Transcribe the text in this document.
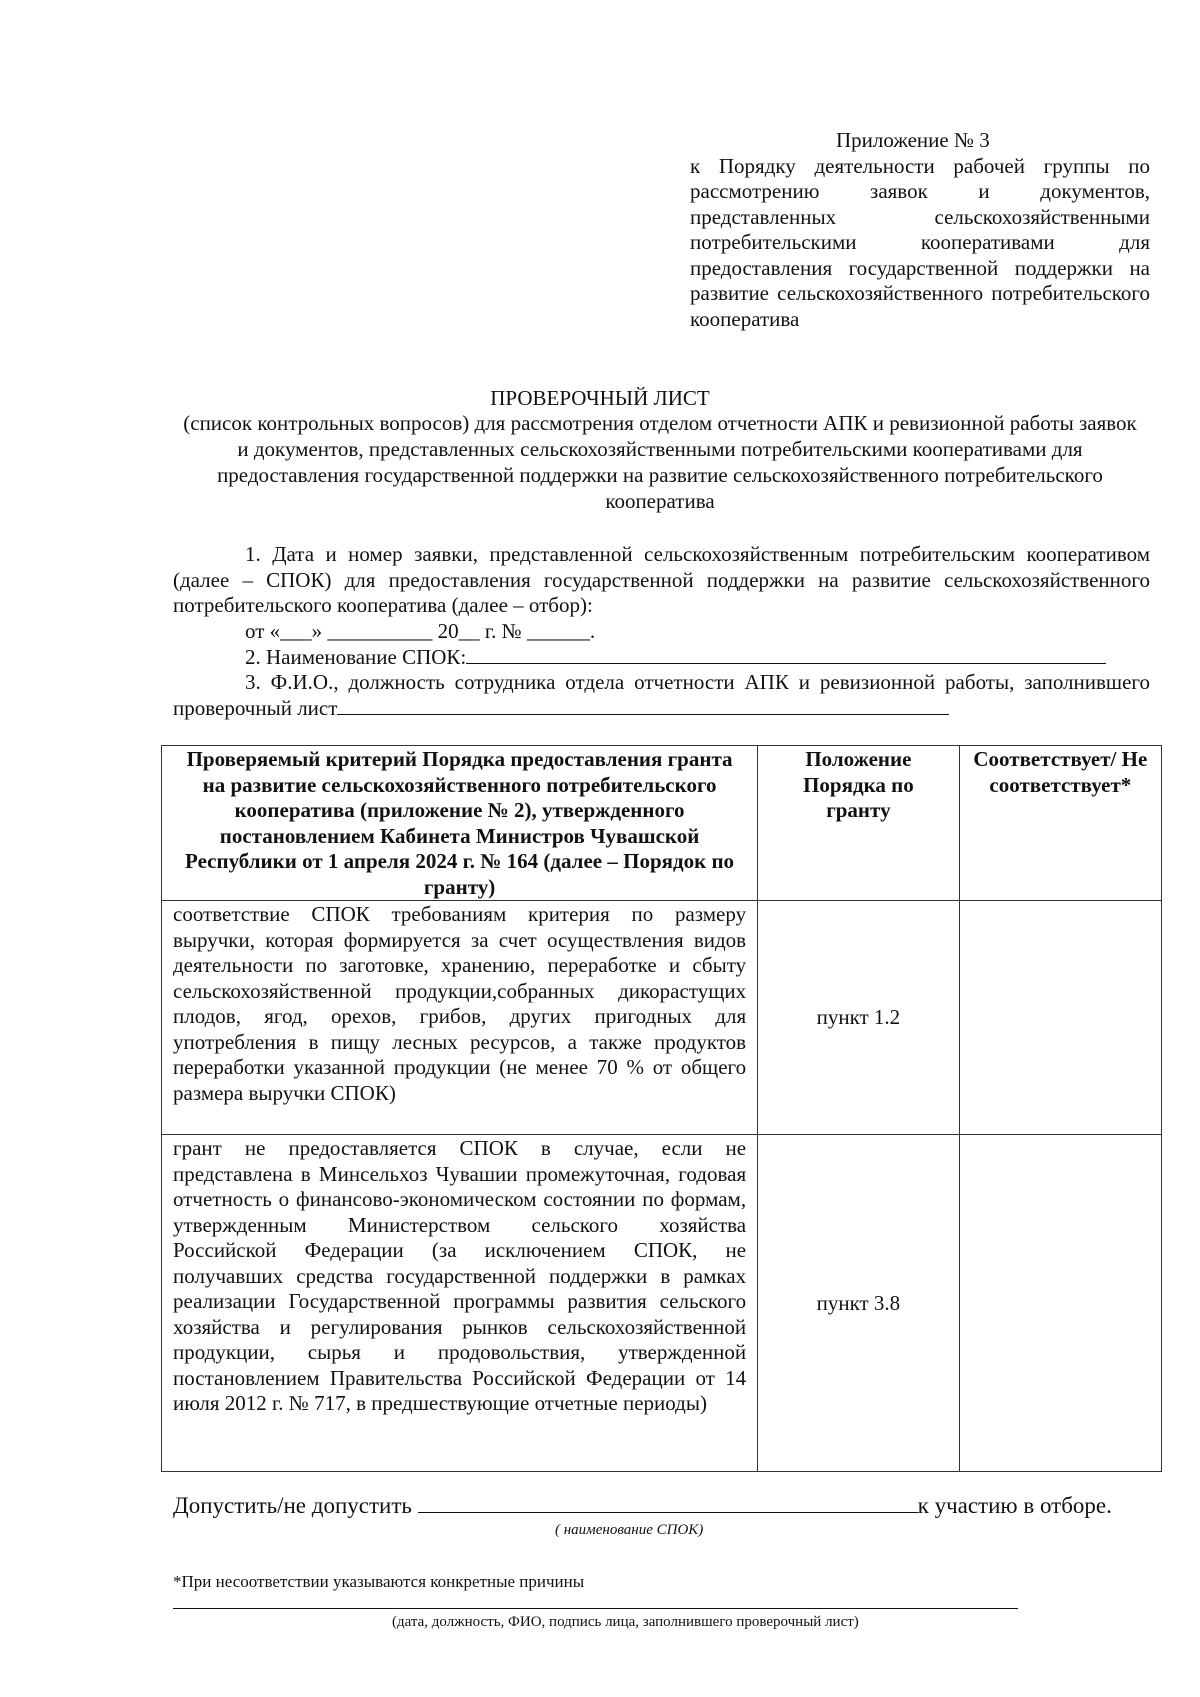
Приложение № 3
к Порядку деятельности рабочей группы по рассмотрению заявок и документов, представленных сельскохозяйственными потребительскими кооперативами для предоставления государственной поддержки на развитие сельскохозяйственного потребительского кооператива
ПРОВЕРОЧНЫЙ ЛИСТ
(список контрольных вопросов) для рассмотрения отделом отчетности АПК и ревизионной работы заявок и документов, представленных сельскохозяйственными потребительскими кооперативами для предоставления государственной поддержки на развитие сельскохозяйственного потребительского кооператива
1. Дата и номер заявки, представленной сельскохозяйственным потребительским кооперативом (далее – СПОК) для предоставления государственной поддержки на развитие сельскохозяйственного потребительского кооператива (далее – отбор):
от «___» __________ 20__ г. № ______.
2. Наименование СПОК:
3. Ф.И.О., должность сотрудника отдела отчетности АПК и ревизионной работы, заполнившего проверочный лист
Проверяемый критерий Порядка предоставления гранта на развитие сельскохозяйственного потребительского кооператива (приложение № 2), утвержденного постановлением Кабинета Министров Чувашской Республики от 1 апреля 2024 г. № 164 (далее – Порядок по гранту)	Положение Порядка по гранту	Соответствует/ Не соответствует*
соответствие СПОК требованиям критерия по размеру выручки, которая формируется за счет осуществления видов деятельности по заготовке, хранению, переработке и сбыту сельскохозяйственной продукции,собранных дикорастущих плодов, ягод, орехов, грибов, других пригодных для употребления в пищу лесных ресурсов, а также продуктов переработки указанной продукции (не менее 70 % от общего размера выручки СПОК)	пункт 1.2	
грант не предоставляется СПОК в случае, если не представлена в Минсельхоз Чувашии промежуточная, годовая отчетность о финансово-экономическом состоянии по формам, утвержденным Министерством сельского хозяйства Российской Федерации (за исключением СПОК, не получавших средства государственной поддержки в рамках реализации Государственной программы развития сельского хозяйства и регулирования рынков сельскохозяйственной продукции, сырья и продовольствия, утвержденной постановлением Правительства Российской Федерации от 14 июля 2012 г. № 717, в предшествующие отчетные периоды)	пункт 3.8	
Допустить/не допустить	к участию в отборе.
( наименование СПОК)
*При несоответствии указываются конкретные причины
(дата, должность, ФИО, подпись лица, заполнившего проверочный лист)
